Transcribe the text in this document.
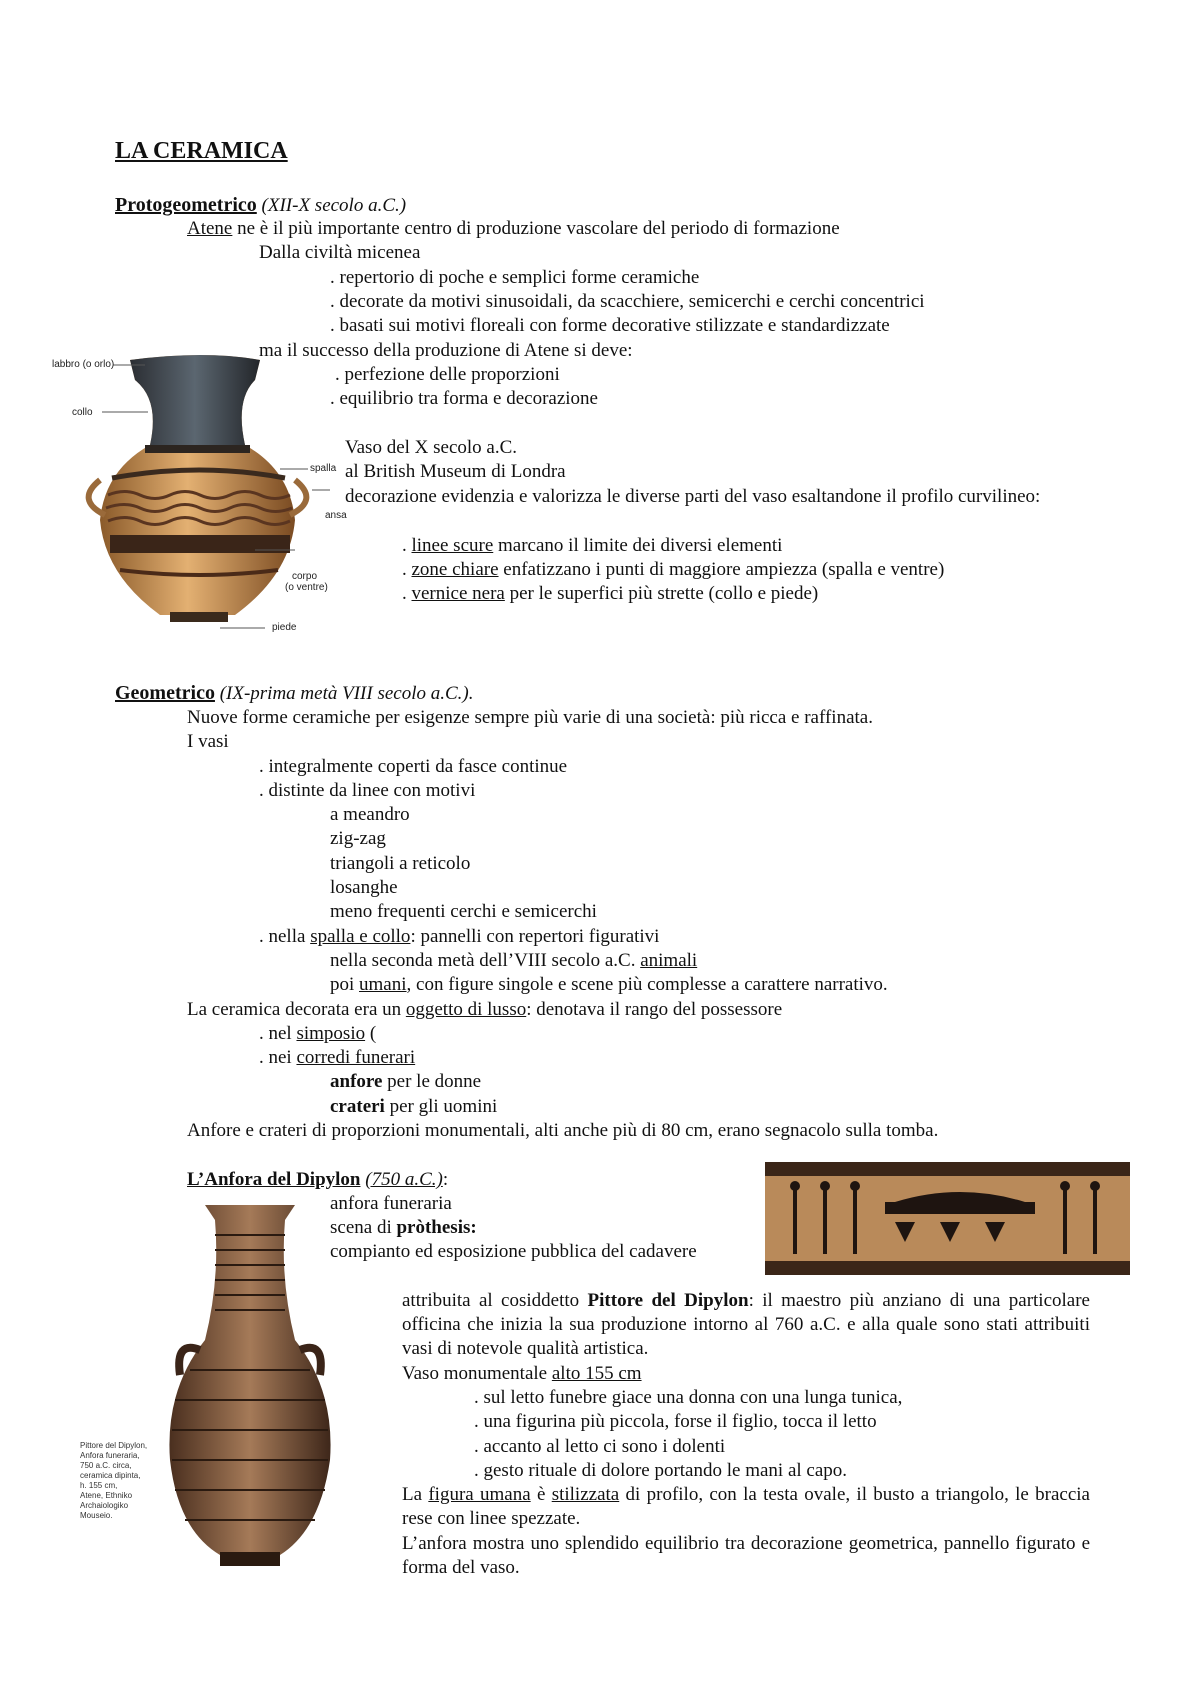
LA CERAMICA
Protogeometrico (XII-X secolo a.C.)
Atene ne è il più importante centro di produzione vascolare del periodo di formazione
Dalla civiltà micenea
. repertorio di poche e semplici forme ceramiche
. decorate da motivi sinusoidali, da scacchiere, semicerchi e cerchi concentrici
. basati sui motivi floreali con forme decorative stilizzate e standardizzate
ma il successo della produzione di Atene si deve:
. perfezione delle proporzioni
. equilibrio tra forma e decorazione
Vaso del X secolo a.C.
al British Museum di Londra
decorazione evidenzia e valorizza le diverse parti del vaso esaltandone il profilo curvilineo:
. linee scure marcano il limite dei diversi elementi
. zone chiare enfatizzano i punti di maggiore ampiezza (spalla e ventre)
. vernice nera per le superfici più strette (collo e piede)
labbro (o orlo)
collo
spalla
ansa
corpo
(o ventre)
piede
Geometrico (IX-prima metà VIII secolo a.C.).
Nuove forme ceramiche per esigenze sempre più varie di una società: più ricca e raffinata.
I vasi
. integralmente coperti da fasce continue
. distinte da linee con motivi
a meandro
zig-zag
triangoli a reticolo
losanghe
meno frequenti cerchi e semicerchi
. nella spalla e collo: pannelli con repertori figurativi
nella seconda metà dell’VIII secolo a.C. animali
poi umani, con figure singole e scene più complesse a carattere narrativo.
La ceramica decorata era un oggetto di lusso: denotava il rango del possessore
. nel simposio (
. nei corredi funerari
anfore per le donne
crateri per gli uomini
Anfore e crateri di proporzioni monumentali, alti anche più di 80 cm, erano segnacolo sulla tomba.
L’Anfora del Dipylon (750 a.C.):
anfora funeraria
scena di pròthesis:
compianto ed esposizione pubblica del cadavere
Pittore del Dipylon,
Anfora funeraria,
750 a.C. circa,
ceramica dipinta,
h. 155 cm,
Atene, Ethniko
Archaiologiko
Mouseio.
attribuita al cosiddetto Pittore del Dipylon: il maestro più anziano di una particolare officina che inizia la sua produzione intorno al 760 a.C. e alla quale sono stati attribuiti vasi di notevole qualità artistica.
Vaso monumentale alto 155 cm
. sul letto funebre giace una donna con una lunga tunica,
. una figurina più piccola, forse il figlio, tocca il letto
. accanto al letto ci sono i dolenti
. gesto rituale di dolore portando le mani al capo.
La figura umana è stilizzata di profilo, con la testa ovale, il busto a triangolo, le braccia rese con linee spezzate.
L’anfora mostra uno splendido equilibrio tra decorazione geometrica, pannello figurato e forma del vaso.
